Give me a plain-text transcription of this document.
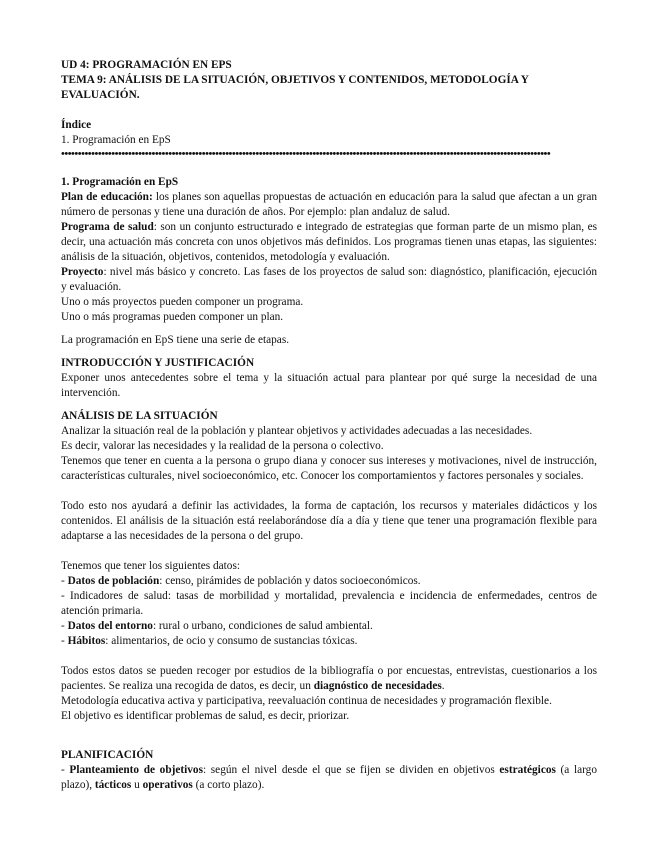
UD 4: PROGRAMACIÓN EN EPS

TEMA 9: ANÁLISIS DE LA SITUACIÓN, OBJETIVOS Y CONTENIDOS, METODOLOGÍA Y EVALUACIÓN.

Índice

1. Programación en EpS

••••••••••••••••••••••••••••••••••••••••••••••••••••••••••••••••••••••••••••••••••••••••••••••••••••••••••••••••••••••••••••••••••••••••••••••••••

1. Programación en EpS

Plan de educación: los planes son aquellas propuestas de actuación en educación para la salud que afectan a un gran número de personas y tiene una duración de años. Por ejemplo: plan andaluz de salud.

Programa de salud: son un conjunto estructurado e integrado de estrategias que forman parte de un mismo plan, es decir, una actuación más concreta con unos objetivos más definidos. Los programas tienen unas etapas, las siguientes: análisis de la situación, objetivos, contenidos, metodología y evaluación.

Proyecto: nivel más básico y concreto. Las fases de los proyectos de salud son: diagnóstico, planificación, ejecución y evaluación.

Uno o más proyectos pueden componer un programa.

Uno o más programas pueden componer un plan.

La programación en EpS tiene una serie de etapas.

INTRODUCCIÓN Y JUSTIFICACIÓN

Exponer unos antecedentes sobre el tema y la situación actual para plantear por qué surge la necesidad de una intervención.

ANÁLISIS DE LA SITUACIÓN

Analizar la situación real de la población y plantear objetivos y actividades adecuadas a las necesidades.

Es decir, valorar las necesidades y la realidad de la persona o colectivo.

Tenemos que tener en cuenta a la persona o grupo diana y conocer sus intereses y motivaciones, nivel de instrucción, características culturales, nivel socioeconómico, etc. Conocer los comportamientos y factores personales y sociales.

Todo esto nos ayudará a definir las actividades, la forma de captación, los recursos y materiales didácticos y los contenidos. El análisis de la situación está reelaborándose día a día y tiene que tener una programación flexible para adaptarse a las necesidades de la persona o del grupo.

Tenemos que tener los siguientes datos:

- Datos de población: censo, pirámides de población y datos socioeconómicos.

- Indicadores de salud: tasas de morbilidad y mortalidad, prevalencia e incidencia de enfermedades, centros de atención primaria.

- Datos del entorno: rural o urbano, condiciones de salud ambiental.

- Hábitos: alimentarios, de ocio y consumo de sustancias tóxicas.

Todos estos datos se pueden recoger por estudios de la bibliografía o por encuestas, entrevistas, cuestionarios a los pacientes. Se realiza una recogida de datos, es decir, un diagnóstico de necesidades.

Metodología educativa activa y participativa, reevaluación continua de necesidades y programación flexible.

El objetivo es identificar problemas de salud, es decir, priorizar.

PLANIFICACIÓN

- Planteamiento de objetivos: según el nivel desde el que se fijen se dividen en objetivos estratégicos (a largo plazo), tácticos u operativos (a corto plazo).
